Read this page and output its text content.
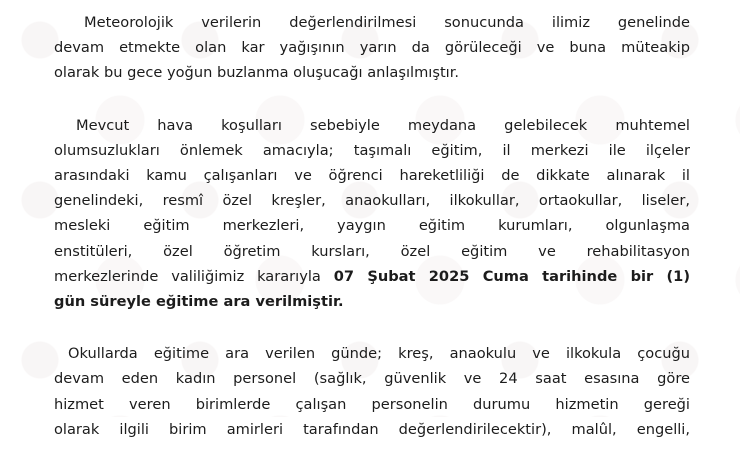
Meteorolojik verilerin değerlendirilmesi sonucunda ilimiz genelinde
devam etmekte olan kar yağışının yarın da görüleceği ve buna müteakip
olarak bu gece yoğun buzlanma oluşucağı anlaşılmıştır.
Mevcut hava koşulları sebebiyle meydana gelebilecek muhtemel
olumsuzlukları önlemek amacıyla; taşımalı eğitim, il merkezi ile ilçeler
arasındaki kamu çalışanları ve öğrenci hareketliliği de dikkate alınarak il
genelindeki, resmî özel kreşler, anaokulları, ilkokullar, ortaokullar, liseler,
mesleki eğitim merkezleri, yaygın eğitim kurumları, olgunlaşma
enstitüleri, özel öğretim kursları, özel eğitim ve rehabilitasyon
merkezlerinde valiliğimiz kararıyla 07 Şubat 2025 Cuma tarihinde bir (1)
gün süreyle eğitime ara verilmiştir.
Okullarda eğitime ara verilen günde; kreş, anaokulu ve ilkokula çocuğu
devam eden kadın personel (sağlık, güvenlik ve 24 saat esasına göre
hizmet veren birimlerde çalışan personelin durumu hizmetin gereği
olarak ilgili birim amirleri tarafından değerlendirilecektir), malûl, engelli,
